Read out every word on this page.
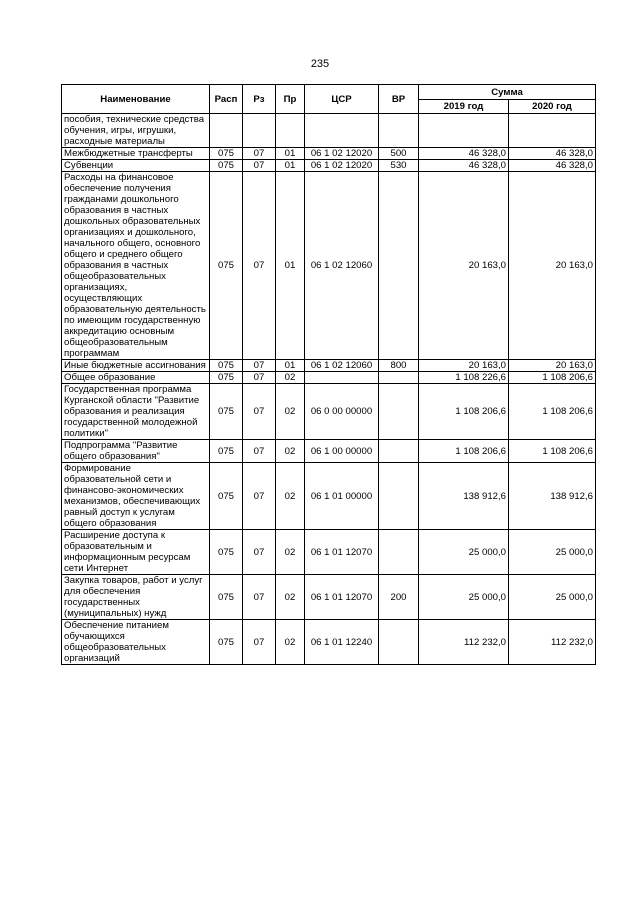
235
Наименование	Расп	Рз	Пр	ЦСР	ВР	Сумма	
						2019 год	2020 год
пособия, технические средства обучения, игры, игрушки, расходные материалы							
Межбюджетные трансферты	075	07	01	06 1 02 12020	500	46 328,0	46 328,0
Субвенции	075	07	01	06 1 02 12020	530	46 328,0	46 328,0
Расходы на финансовое обеспечение получения гражданами дошкольного образования в частных дошкольных образовательных организациях и дошкольного, начального общего, основного общего и среднего общего образования в частных общеобразовательных организациях, осуществляющих образовательную деятельность по имеющим государственную аккредитацию основным общеобразовательным программам	075	07	01	06 1 02 12060		20 163,0	20 163,0
Иные бюджетные ассигнования	075	07	01	06 1 02 12060	800	20 163,0	20 163,0
Общее образование	075	07	02			1 108 226,6	1 108 206,6
Государственная программа Курганской области "Развитие образования и реализация государственной молодежной политики"	075	07	02	06 0 00 00000		1 108 206,6	1 108 206,6
Подпрограмма "Развитие общего образования"	075	07	02	06 1 00 00000		1 108 206,6	1 108 206,6
Формирование образовательной сети и финансово-экономических механизмов, обеспечивающих равный доступ к услугам общего образования	075	07	02	06 1 01 00000		138 912,6	138 912,6
Расширение доступа к образовательным и информационным ресурсам сети Интернет	075	07	02	06 1 01 12070		25 000,0	25 000,0
Закупка товаров, работ и услуг для обеспечения государственных (муниципальных) нужд	075	07	02	06 1 01 12070	200	25 000,0	25 000,0
Обеспечение питанием обучающихся общеобразовательных организаций	075	07	02	06 1 01 12240		112 232,0	112 232,0
